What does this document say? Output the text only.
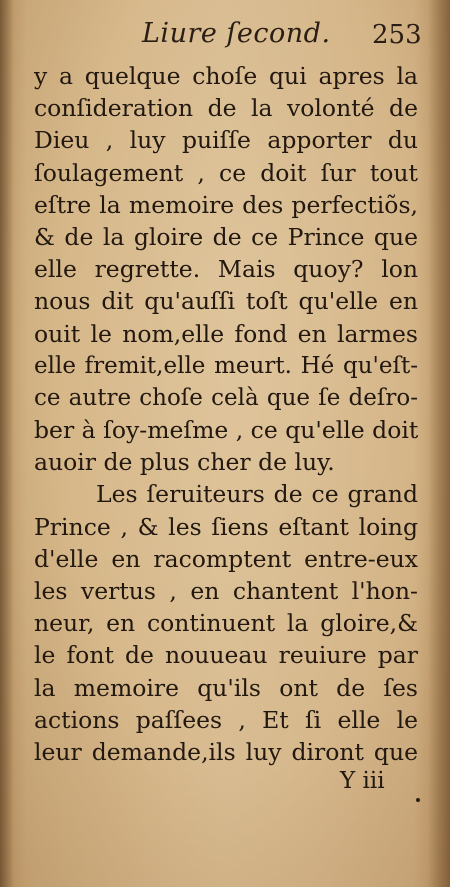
Liure ſecond. 253
y a quelque choſe qui apres la
conſideration de la volonté de
Dieu , luy puiſſe apporter du
ſoulagement , ce doit ſur tout
eſtre la memoire des perfectiõs,
& de la gloire de ce Prince que
elle regrette. Mais quoy? lon
nous dit qu'auſſi toſt qu'elle en
ouit le nom,elle fond en larmes
elle fremit,elle meurt. Hé qu'eſt-
ce autre choſe celà que ſe deſro-
ber à ſoy-meſme , ce qu'elle doit
auoir de plus cher de luy.
Les ſeruiteurs de ce grand
Prince , & les ſiens eſtant loing
d'elle en racomptent entre-eux
les vertus , en chantent l'hon-
neur, en continuent la gloire,&
le font de nouueau reuiure par
la memoire qu'ils ont de ſes
actions paſſees , Et ſi elle le
leur demande,ils luy diront que
Y iii
